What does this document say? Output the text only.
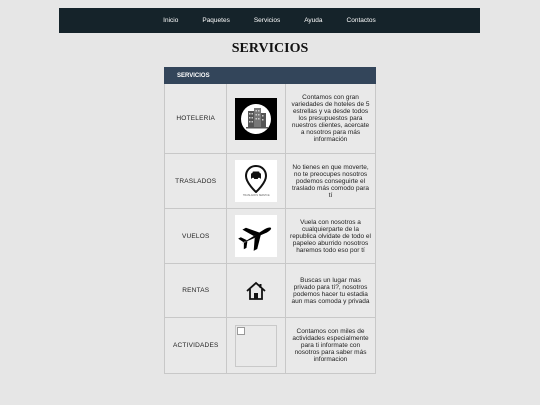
Inicio	Paquetes	Servicios	Ayuda	Contactos
SERVICIOS
SERVICIOS		
HOTELERIA		Contamos con gran variedades de hoteles de 5 estrellas y va desde todos los presupuestos para nuestros clientes, acercate a nosotros para más información
TRASLADOS	TRASLADOS SERVICE	No tienes en que moverte, no te preocupes nosotros podemos conseguirte el traslado más comodo para tí
VUELOS		Vuela con nosotros a cualquierparte de la republica olvidate de todo el papeleo aburrido nosotros haremos todo eso por tí
RENTAS		Buscas un lugar mas privado para tí?, nosotros podemos hacer tu estadia aun mas comoda y privada
ACTIVIDADES		Contamos con miles de actividades especialmente para ti informate con nosotros para saber más informacion
